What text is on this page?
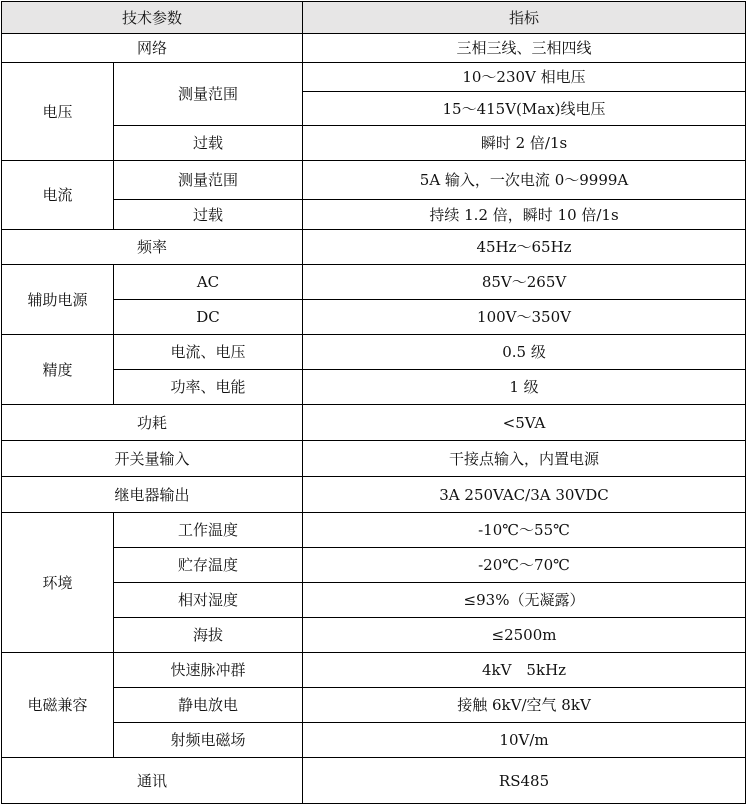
技术参数		指标
网络		三相三线、三相四线
电压	测量范围	10～230V 相电压
		15～415V(Max)线电压
	过载	瞬时 2 倍/1s
电流	测量范围	5A 输入，一次电流 0～9999A
	过载	持续 1.2 倍，瞬时 10 倍/1s
频率		45Hz～65Hz
辅助电源	AC	85V～265V
	DC	100V～350V
精度	电流、电压	0.5 级
	功率、电能	1 级
功耗		<5VA
开关量输入		干接点输入，内置电源
继电器输出		3A 250VAC/3A 30VDC
环境	工作温度	-10℃～55℃
	贮存温度	-20℃～70℃
	相对湿度	≤93%（无凝露）
	海拔	≤2500m
电磁兼容	快速脉冲群	4kV　5kHz
	静电放电	接触 6kV/空气 8kV
	射频电磁场	10V/m
通讯		RS485
